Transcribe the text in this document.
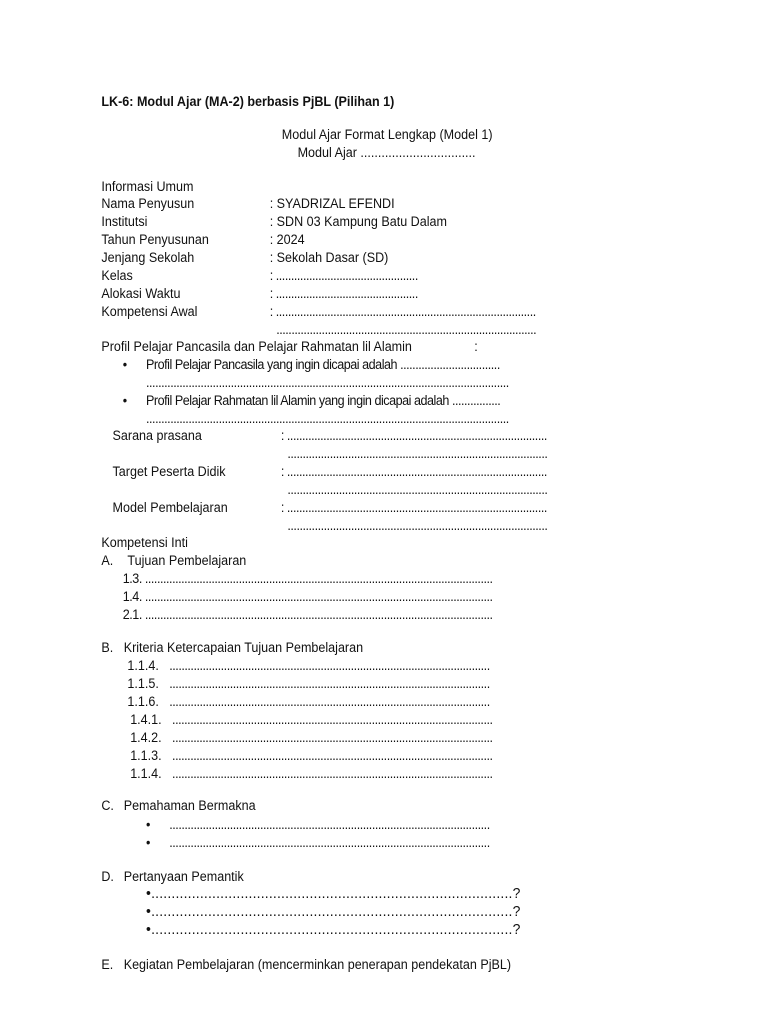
LK-6: Modul Ajar (MA-2) berbasis PjBL (Pilihan 1)
Modul Ajar Format Lengkap (Model 1)
Modul Ajar .................................
Informasi Umum
Nama Penyusun	: SYADRIZAL EFENDI
Institutsi	: SDN 03 Kampung Batu Dalam
Tahun Penyusunan	: 2024
Jenjang Sekolah	: Sekolah Dasar (SD)
Kelas	: ...............................................
Alokasi Waktu	: ...............................................
Kompetensi Awal	: ......................................................................................
......................................................................................
Profil Pelajar Pancasila dan Pelajar Rahmatan lil Alamin	:
• Profil Pelajar Pancasila yang ingin dicapai adalah .................................
........................................................................................................................
• Profil Pelajar Rahmatan lil Alamin yang ingin dicapai adalah ................
........................................................................................................................
Sarana prasana	: ......................................................................................
......................................................................................
Target Peserta Didik	: ......................................................................................
......................................................................................
Model Pembelajaran	: ......................................................................................
......................................................................................
Kompetensi Inti
A. Tujuan Pembelajaran
1.3. ...................................................................................................................
1.4. ...................................................................................................................
2.1. ...................................................................................................................
B. Kriteria Ketercapaian Tujuan Pembelajaran
1.1.4. ..........................................................................................................
1.1.5. ..........................................................................................................
1.1.6. ..........................................................................................................
1.4.1. ..........................................................................................................
1.4.2. ..........................................................................................................
1.1.3. ..........................................................................................................
1.1.4. ..........................................................................................................
C. Pemahaman Bermakna
• ..........................................................................................................
• ..........................................................................................................
D. Pertanyaan Pemantik
•.........................................................................................?
•.........................................................................................?
•.........................................................................................?
E. Kegiatan Pembelajaran (mencerminkan penerapan pendekatan PjBL)
